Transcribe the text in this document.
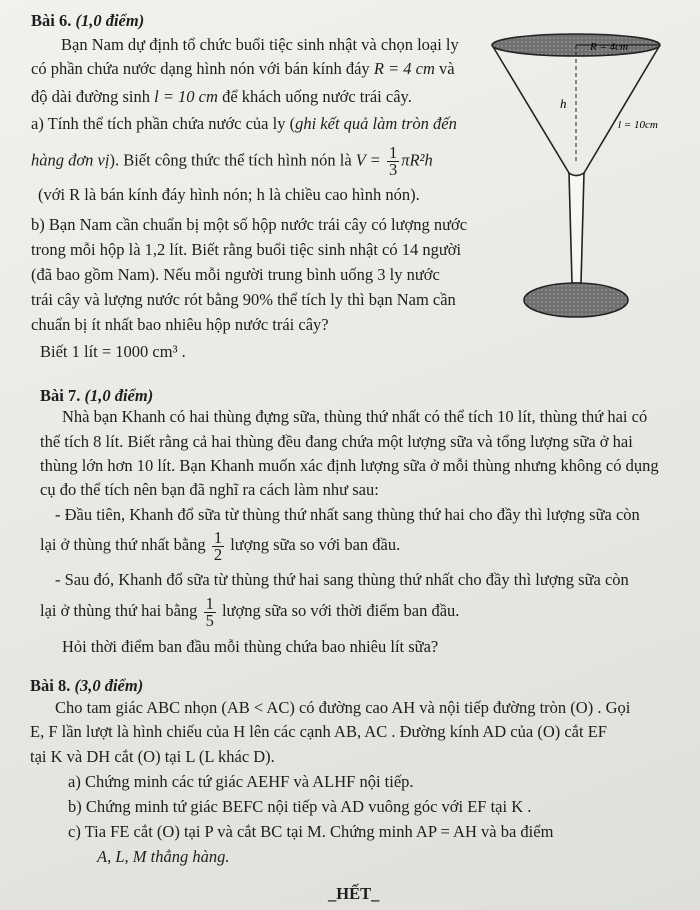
Bài 6. (1,0 điểm)
Bạn Nam dự định tổ chức buổi tiệc sinh nhật và chọn loại ly
có phần chứa nước dạng hình nón với bán kính đáy R = 4 cm và
độ dài đường sinh l = 10 cm để khách uống nước trái cây.
a) Tính thể tích phần chứa nước của ly (ghi kết quả làm tròn đến
hàng đơn vị). Biết công thức thể tích hình nón là $V = \frac{1}{3} \pi R^2h$
(với R là bán kính đáy hình nón; h là chiều cao hình nón).
b) Bạn Nam cần chuẩn bị một số hộp nước trái cây có lượng nước
trong mỗi hộp là 1,2 lít. Biết rằng buổi tiệc sinh nhật có 14 người
(đã bao gồm Nam). Nếu mỗi người trung bình uống 3 ly nước
trái cây và lượng nước rót bằng 90% thể tích ly thì bạn Nam cần
chuẩn bị ít nhất bao nhiêu hộp nước trái cây?
Biết 1 lít = 1000 cm³ .
R = 4cm
h
l = 10cm
Bài 7. (1,0 điểm)
Nhà bạn Khanh có hai thùng đựng sữa, thùng thứ nhất có thể tích 10 lít, thùng thứ hai có
thể tích 8 lít. Biết rằng cả hai thùng đều đang chứa một lượng sữa và tổng lượng sữa ở hai
thùng lớn hơn 10 lít. Bạn Khanh muốn xác định lượng sữa ở mỗi thùng nhưng không có dụng
cụ đo thể tích nên bạn đã nghĩ ra cách làm như sau:
- Đầu tiên, Khanh đổ sữa từ thùng thứ nhất sang thùng thứ hai cho đầy thì lượng sữa còn
lại ở thùng thứ nhất bằng $\frac{1}{2}$ lượng sữa so với ban đầu.
- Sau đó, Khanh đổ sữa từ thùng thứ hai sang thùng thứ nhất cho đầy thì lượng sữa còn
lại ở thùng thứ hai bằng $\frac{1}{5}$ lượng sữa so với thời điểm ban đầu.
Hỏi thời điểm ban đầu mỗi thùng chứa bao nhiêu lít sữa?
Bài 8. (3,0 điểm)
Cho tam giác ABC nhọn (AB < AC) có đường cao AH và nội tiếp đường tròn (O) . Gọi
E, F lần lượt là hình chiếu của H lên các cạnh AB, AC . Đường kính AD của (O) cắt EF
tại K và DH cắt (O) tại L (L khác D).
a) Chứng minh các tứ giác AEHF và ALHF nội tiếp.
b) Chứng minh tứ giác BEFC nội tiếp và AD vuông góc với EF tại K .
c) Tia FE cắt (O) tại P và cắt BC tại M. Chứng minh AP = AH và ba điểm
A, L, M thẳng hàng.
_HẾT_
